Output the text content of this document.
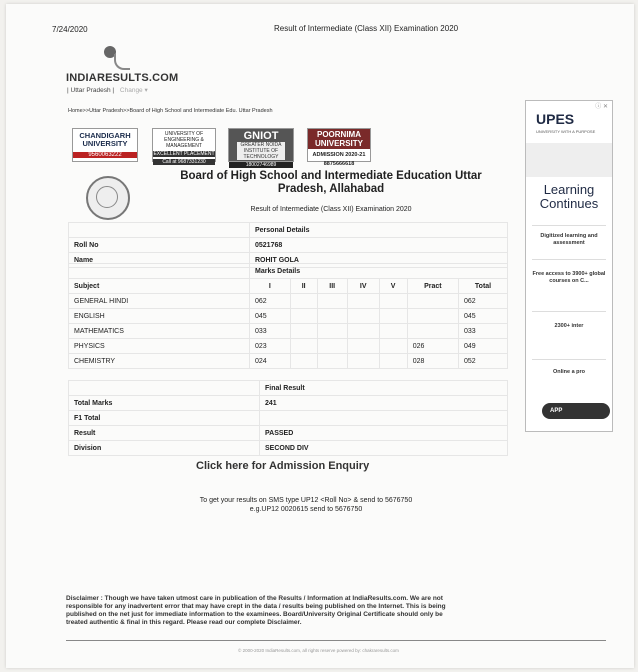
7/24/2020	Result of Intermediate (Class XII) Examination 2020
INDIARESULTS.COM
| Uttar Pradesh | Change ▾
Home>>Uttar Pradesh>>Board of High School and Intermediate Edu. Uttar Pradesh
CHANDIGARH UNIVERSITY
9560063222
UNIVERSITY OF ENGINEERING & MANAGEMENT
EXCELLENT PLACEMENT
Call at 9687331230
GNIOT
GREATER NOIDA INSTITUTE OF TECHNOLOGY
18002746989
POORNIMA UNIVERSITY
ADMISSION 2020-21
8875666618
Board of High School and Intermediate Education Uttar Pradesh, Allahabad
Result of Intermediate (Class XII) Examination 2020
	Personal Details
Roll No	0521768
Name	ROHIT GOLA
	Marks Details						
Subject	I	II	III	IV	V	Pract	Total
GENERAL HINDI	062						062
ENGLISH	045						045
MATHEMATICS	033						033
PHYSICS	023					026	049
CHEMISTRY	024					028	052
	Final Result
Total Marks	241
F1 Total	
Result	PASSED
Division	SECOND DIV
Click here for Admission Enquiry
To get your results on SMS type UP12 <Roll No> & send to 5676750
e.g.UP12 0020615 send to 5676750
Disclaimer : Though we have taken utmost care in publication of the Results / Information at IndiaResults.com. We are not responsible for any inadvertent error that may have crept in the data / results being published on the Internet. This is being published on the net just for immediate information to the examinees. Board/University Original Certificate should only be treated authentic & final in this regard. Please read our complete Disclaimer.
© 2000-2020 IndiaResults.com, all rights reserve powered by: chakraresults.com
ⓘ ✕
UPES
UNIVERSITY WITH A PURPOSE
Learning Continues
Digitized learning and assessment
Free access to 3900+ global courses on C...
2300+ inter
Online a pro
APP
